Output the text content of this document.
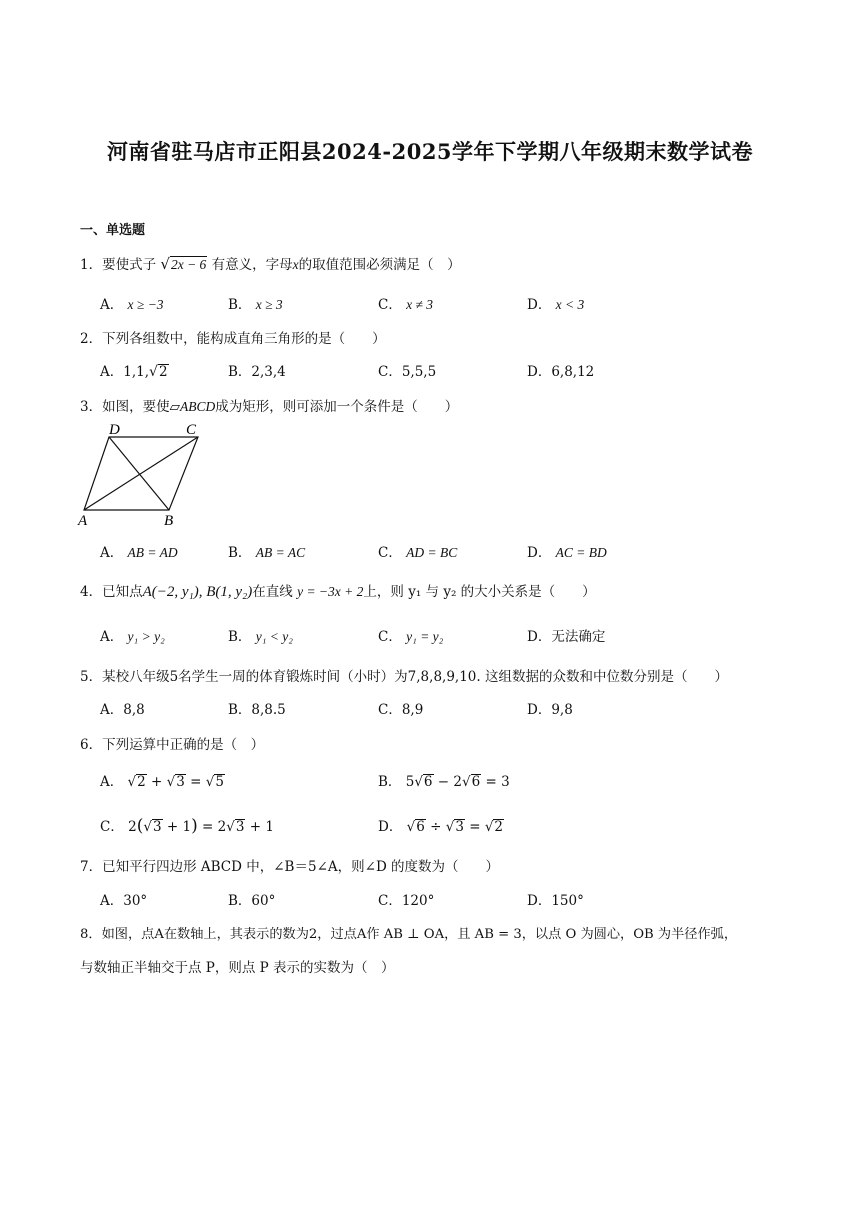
河南省驻马店市正阳县2024-2025学年下学期八年级期末数学试卷
一、单选题
1．要使式子 √2x − 6 有意义，字母x的取值范围必须满足（　）
A． x ≥ −3	B． x ≥ 3	C． x ≠ 3	D． x < 3
2．下列各组数中，能构成直角三角形的是（　　）
A．1,1,√2	B．2,3,4	C．5,5,5	D．6,8,12
3．如图，要使▱ABCD成为矩形，则可添加一个条件是（　　）
D	C
A	B
A． AB = AD	B． AB = AC	C． AD = BC	D． AC = BD
4．已知点A(−2, y₁), B(1, y₂)在直线 y = −3x + 2上，则 y₁ 与 y₂ 的大小关系是（　　）
A． y₁ > y₂	B． y₁ < y₂	C． y₁ = y₂	D．无法确定
5．某校八年级5名学生一周的体育锻炼时间（小时）为7,8,8,9,10. 这组数据的众数和中位数分别是（　　）
A．8,8	B．8,8.5	C．8,9	D．9,8
6．下列运算中正确的是（　）
A． √2 + √3 = √5	B． 5√6 − 2√6 = 3
C． 2(√3 + 1) = 2√3 + 1	D． √6 ÷ √3 = √2
7．已知平行四边形 ABCD 中，∠B＝5∠A，则∠D 的度数为（　　）
A．30°	B．60°	C．120°	D．150°
8．如图，点A在数轴上，其表示的数为2，过点A作 AB ⊥ OA，且 AB = 3，以点 O 为圆心，OB 为半径作弧，
与数轴正半轴交于点 P，则点 P 表示的实数为（　）
